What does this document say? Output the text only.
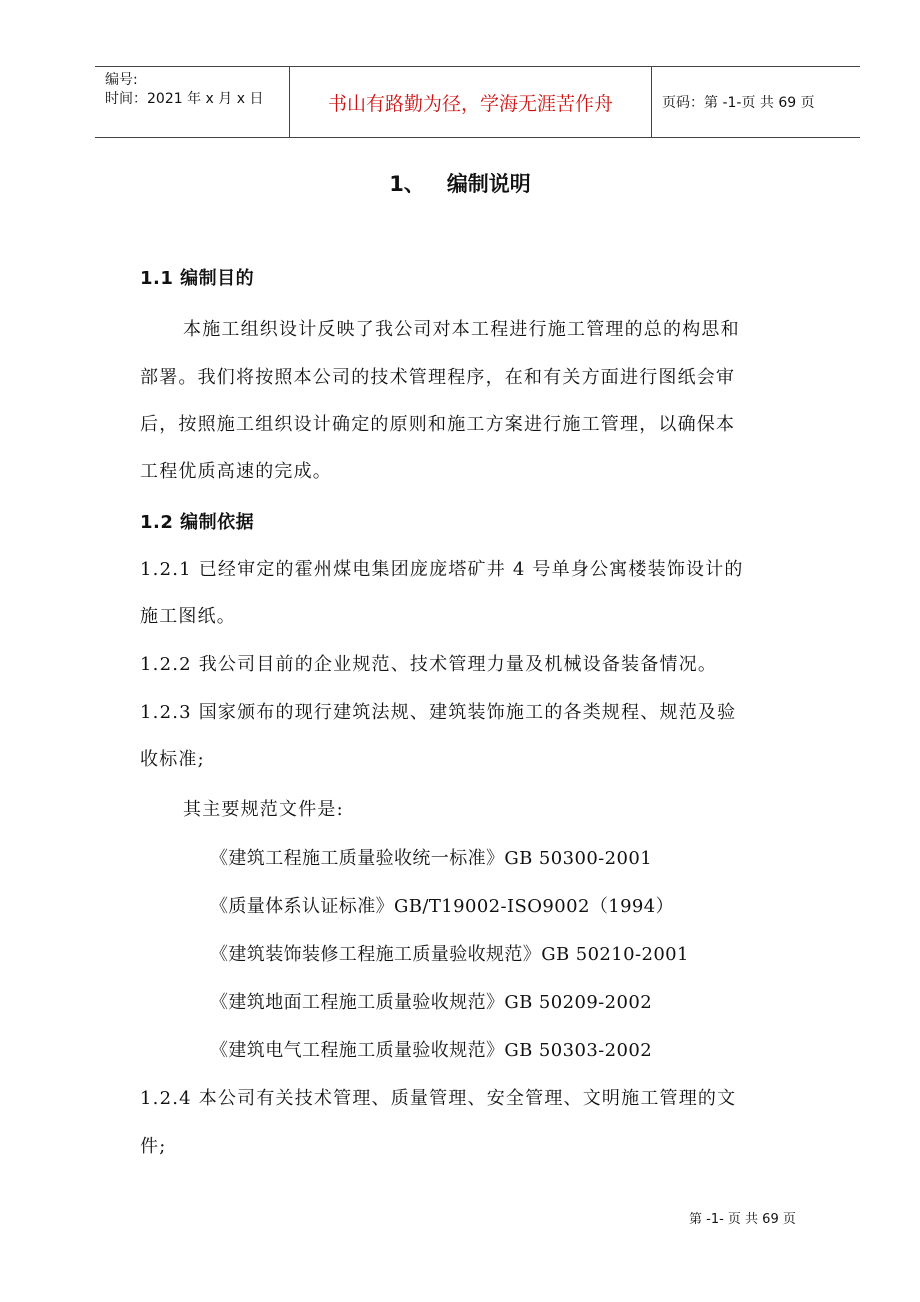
编号:
时间：2021 年 x 月 x 日	书山有路勤为径，学海无涯苦作舟	页码：第 -1-页 共 69 页
1、 编制说明
1.1 编制目的
本施工组织设计反映了我公司对本工程进行施工管理的总的构思和
部署。我们将按照本公司的技术管理程序，在和有关方面进行图纸会审
后，按照施工组织设计确定的原则和施工方案进行施工管理，以确保本
工程优质高速的完成。
1.2 编制依据
1.2.1 已经审定的霍州煤电集团庞庞塔矿井 4 号单身公寓楼装饰设计的
施工图纸。
1.2.2 我公司目前的企业规范、技术管理力量及机械设备装备情况。
1.2.3 国家颁布的现行建筑法规、建筑装饰施工的各类规程、规范及验
收标准;
其主要规范文件是:
《建筑工程施工质量验收统一标准》GB 50300-2001
《质量体系认证标准》GB/T19002-ISO9002（1994）
《建筑装饰装修工程施工质量验收规范》GB 50210-2001
《建筑地面工程施工质量验收规范》GB 50209-2002
《建筑电气工程施工质量验收规范》GB 50303-2002
1.2.4 本公司有关技术管理、质量管理、安全管理、文明施工管理的文
件;
第 -1- 页 共 69 页
